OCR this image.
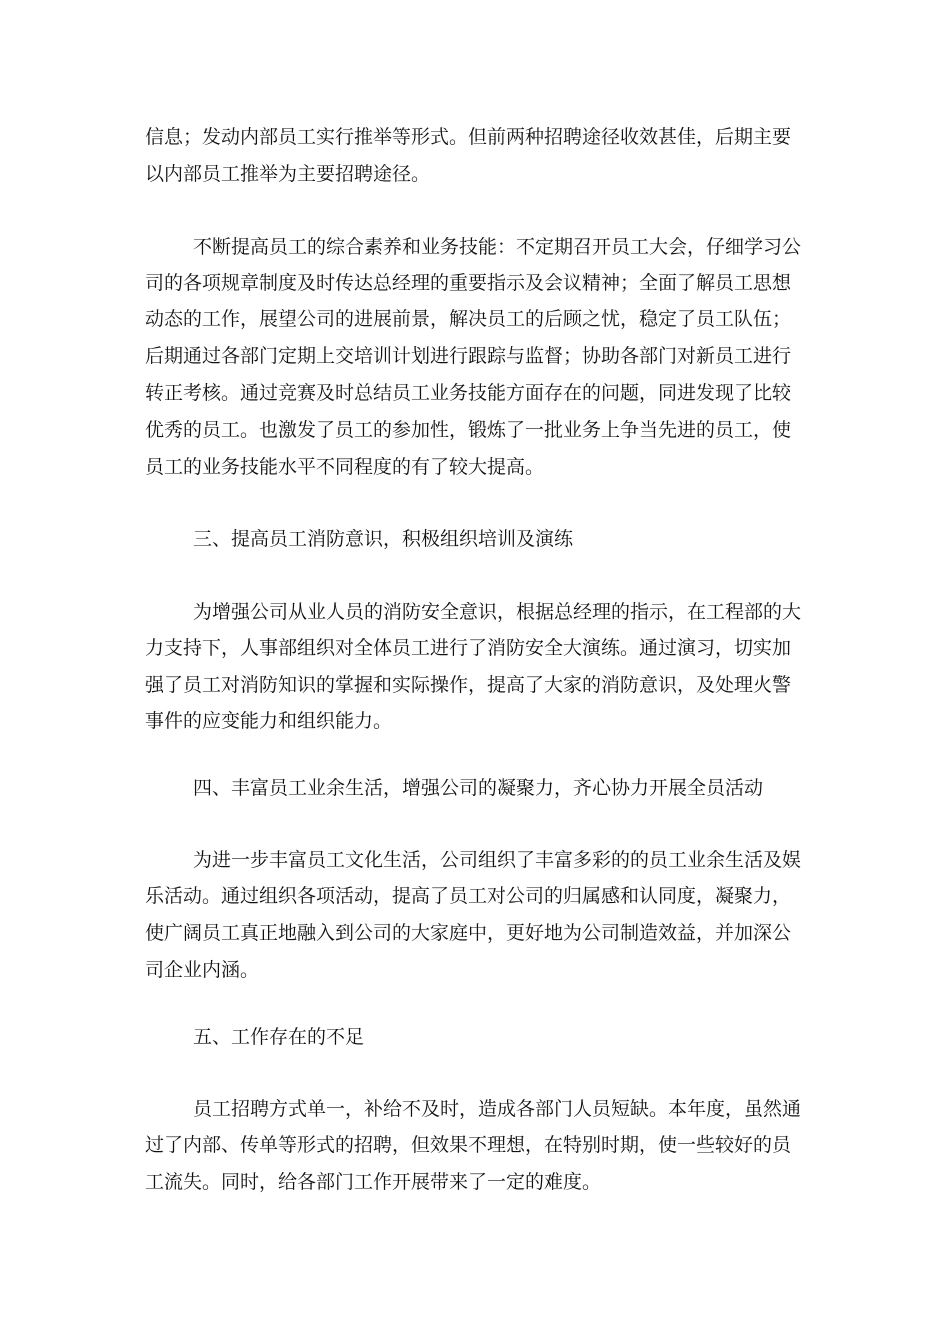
信息；发动内部员工实行推举等形式。但前两种招聘途径收效甚佳，后期主要
以内部员工推举为主要招聘途径。
不断提高员工的综合素养和业务技能：不定期召开员工大会，仔细学习公
司的各项规章制度及时传达总经理的重要指示及会议精神；全面了解员工思想
动态的工作，展望公司的进展前景，解决员工的后顾之忧，稳定了员工队伍；
后期通过各部门定期上交培训计划进行跟踪与监督；协助各部门对新员工进行
转正考核。通过竞赛及时总结员工业务技能方面存在的问题，同进发现了比较
优秀的员工。也激发了员工的参加性，锻炼了一批业务上争当先进的员工，使
员工的业务技能水平不同程度的有了较大提高。
三、提高员工消防意识，积极组织培训及演练
为增强公司从业人员的消防安全意识，根据总经理的指示，在工程部的大
力支持下，人事部组织对全体员工进行了消防安全大演练。通过演习，切实加
强了员工对消防知识的掌握和实际操作，提高了大家的消防意识，及处理火警
事件的应变能力和组织能力。
四、丰富员工业余生活，增强公司的凝聚力，齐心协力开展全员活动
为进一步丰富员工文化生活，公司组织了丰富多彩的的员工业余生活及娱
乐活动。通过组织各项活动，提高了员工对公司的归属感和认同度，凝聚力，
使广阔员工真正地融入到公司的大家庭中，更好地为公司制造效益，并加深公
司企业内涵。
五、工作存在的不足
员工招聘方式单一，补给不及时，造成各部门人员短缺。本年度，虽然通
过了内部、传单等形式的招聘，但效果不理想，在特别时期，使一些较好的员
工流失。同时，给各部门工作开展带来了一定的难度。
